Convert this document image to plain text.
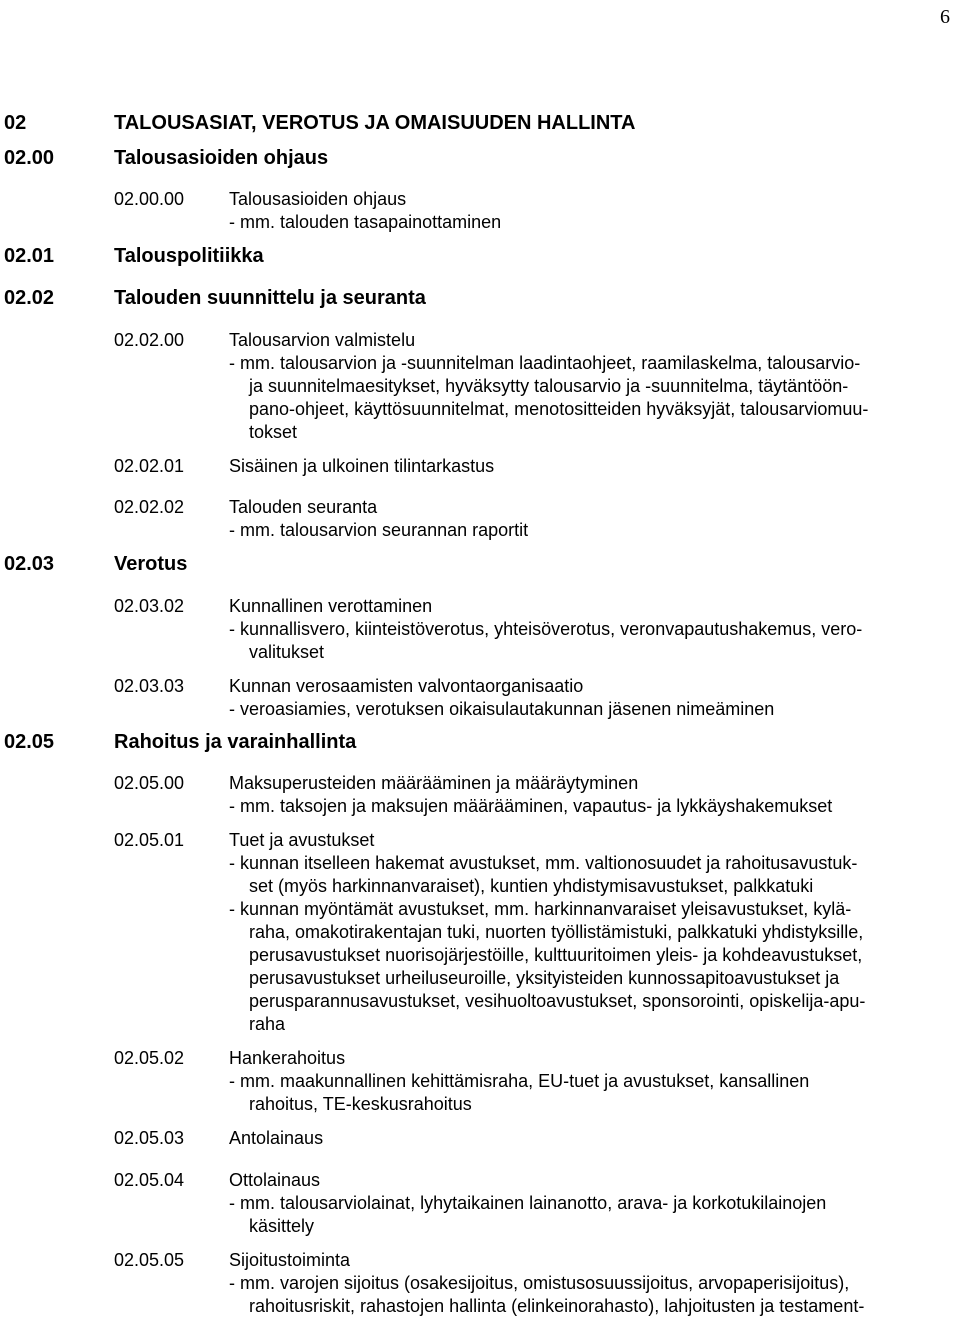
6
02	TALOUSASIAT, VEROTUS JA OMAISUUDEN HALLINTA
02.00	Talousasioiden ohjaus
02.00.00 Talousasioiden ohjaus
- mm. talouden tasapainottaminen
02.01	Talouspolitiikka
02.02	Talouden suunnittelu ja seuranta
02.02.00 Talousarvion valmistelu
- mm. talousarvion ja -suunnitelman laadintaohjeet, raamilaskelma, talousarvio-
ja suunnitelmaesitykset, hyväksytty talousarvio ja -suunnitelma, täytäntöön-
pano-ohjeet, käyttösuunnitelmat, menotositteiden hyväksyjät, talousarviomuu-
tokset
02.02.01 Sisäinen ja ulkoinen tilintarkastus
02.02.02 Talouden seuranta
- mm. talousarvion seurannan raportit
02.03	Verotus
02.03.02 Kunnallinen verottaminen
- kunnallisvero, kiinteistöverotus, yhteisöverotus, veronvapautushakemus, vero-
valitukset
02.03.03 Kunnan verosaamisten valvontaorganisaatio
- veroasiamies, verotuksen oikaisulautakunnan jäsenen nimeäminen
02.05	Rahoitus ja varainhallinta
02.05.00 Maksuperusteiden määrääminen ja määräytyminen
- mm. taksojen ja maksujen määrääminen, vapautus- ja lykkäyshakemukset
02.05.01 Tuet ja avustukset
- kunnan itselleen hakemat avustukset, mm. valtionosuudet ja rahoitusavustuk-
set (myös harkinnanvaraiset), kuntien yhdistymisavustukset, palkkatuki
- kunnan myöntämät avustukset, mm. harkinnanvaraiset yleisavustukset, kylä-
raha, omakotirakentajan tuki, nuorten työllistämistuki, palkkatuki yhdistyksille,
perusavustukset nuorisojärjestöille, kulttuuritoimen yleis- ja kohdeavustukset,
perusavustukset urheiluseuroille, yksityisteiden kunnossapitoavustukset ja
perusparannusavustukset, vesihuoltoavustukset, sponsorointi, opiskelija-apu-
raha
02.05.02 Hankerahoitus
- mm. maakunnallinen kehittämisraha, EU-tuet ja avustukset, kansallinen
rahoitus, TE-keskusrahoitus
02.05.03 Antolainaus
02.05.04 Ottolainaus
- mm. talousarviolainat, lyhytaikainen lainanotto, arava- ja korkotukilainojen
käsittely
02.05.05 Sijoitustoiminta
- mm. varojen sijoitus (osakesijoitus, omistusosuussijoitus, arvopaperisijoitus),
rahoitusriskit, rahastojen hallinta (elinkeinorahasto), lahjoitusten ja testament-
